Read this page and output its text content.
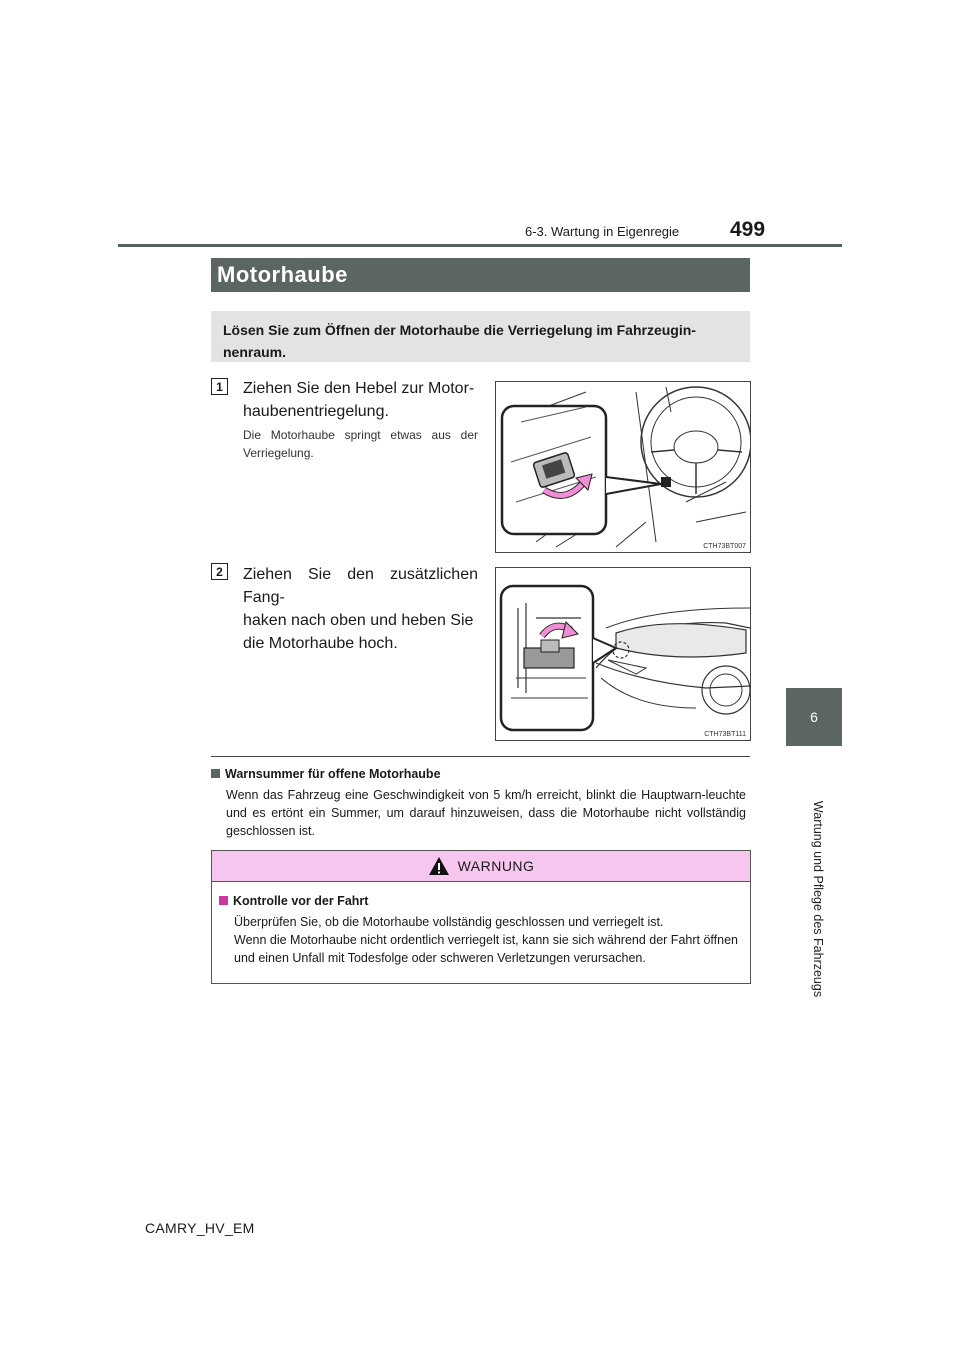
6-3. Wartung in Eigenregie 499
6
Wartung und Pflege des Fahrzeugs
Motorhaube
Lösen Sie zum Öffnen der Motorhaube die Verriegelung im Fahrzeugin-
nenraum.
1	Ziehen Sie den Hebel zur Motor-
haubenentriegelung.
Die Motorhaube springt etwas aus der Verriegelung.
CTH73BT007
2	Ziehen Sie den zusätzlichen Fang-
haken nach oben und heben Sie
die Motorhaube hoch.
CTH73BT111
Warnsummer für offene Motorhaube
Wenn das Fahrzeug eine Geschwindigkeit von 5 km/h erreicht, blinkt die Hauptwarn-leuchte und es ertönt ein Summer, um darauf hinzuweisen, dass die Motorhaube nicht vollständig geschlossen ist.
WARNUNG
Kontrolle vor der Fahrt
Überprüfen Sie, ob die Motorhaube vollständig geschlossen und verriegelt ist.
Wenn die Motorhaube nicht ordentlich verriegelt ist, kann sie sich während der Fahrt öffnen und einen Unfall mit Todesfolge oder schweren Verletzungen verursachen.
CAMRY_HV_EM
